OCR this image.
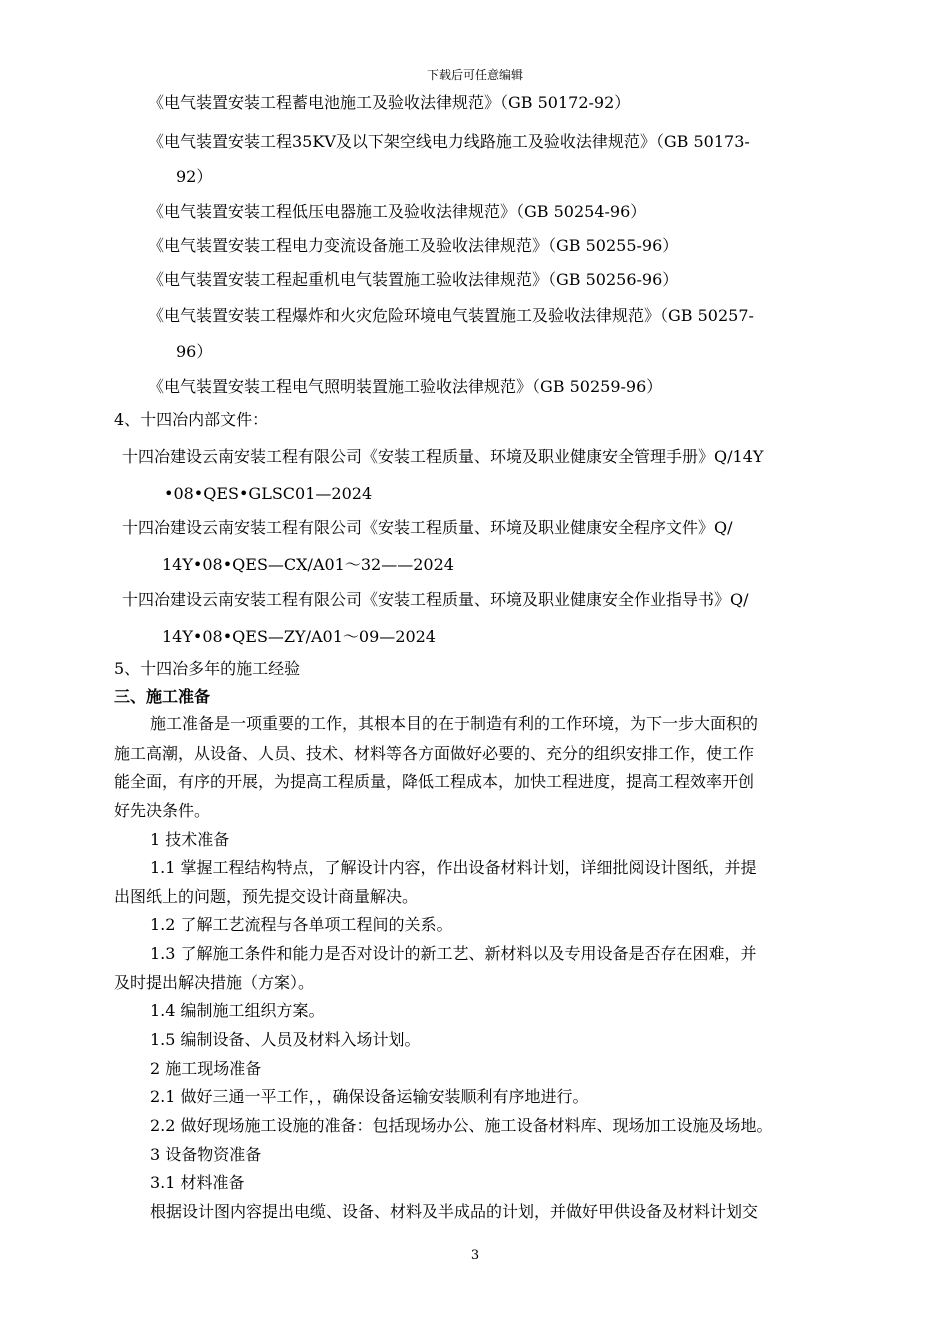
下载后可任意编辑
《电气装置安装工程蓄电池施工及验收法律规范》（GB 50172-92）
《电气装置安装工程35KV及以下架空线电力线路施工及验收法律规范》（GB 50173-
92）
《电气装置安装工程低压电器施工及验收法律规范》（GB 50254-96）
《电气装置安装工程电力变流设备施工及验收法律规范》（GB 50255-96）
《电气装置安装工程起重机电气装置施工验收法律规范》（GB 50256-96）
《电气装置安装工程爆炸和火灾危险环境电气装置施工及验收法律规范》（GB 50257-
96）
《电气装置安装工程电气照明装置施工验收法律规范》（GB 50259-96）
4、十四冶内部文件：
十四冶建设云南安装工程有限公司《安装工程质量、环境及职业健康安全管理手册》Q/14Y
•08•QES•GLSC01—2024
十四冶建设云南安装工程有限公司《安装工程质量、环境及职业健康安全程序文件》Q/
14Y•08•QES—CX/A01～32——2024
十四冶建设云南安装工程有限公司《安装工程质量、环境及职业健康安全作业指导书》Q/
14Y•08•QES—ZY/A01～09—2024
5、十四冶多年的施工经验
三、施工准备
施工准备是一项重要的工作，其根本目的在于制造有利的工作环境，为下一步大面积的
施工高潮，从设备、人员、技术、材料等各方面做好必要的、充分的组织安排工作，使工作
能全面，有序的开展，为提高工程质量，降低工程成本，加快工程进度，提高工程效率开创
好先决条件。
1 技术准备
1.1 掌握工程结构特点，了解设计内容，作出设备材料计划，详细批阅设计图纸，并提
出图纸上的问题，预先提交设计商量解决。
1.2 了解工艺流程与各单项工程间的关系。
1.3 了解施工条件和能力是否对设计的新工艺、新材料以及专用设备是否存在困难，并
及时提出解决措施（方案）。
1.4 编制施工组织方案。
1.5 编制设备、人员及材料入场计划。
2 施工现场准备
2.1 做好三通一平工作，，确保设备运输安装顺利有序地进行。
2.2 做好现场施工设施的准备：包括现场办公、施工设备材料库、现场加工设施及场地。
3 设备物资准备
3.1 材料准备
根据设计图内容提出电缆、设备、材料及半成品的计划，并做好甲供设备及材料计划交
3
